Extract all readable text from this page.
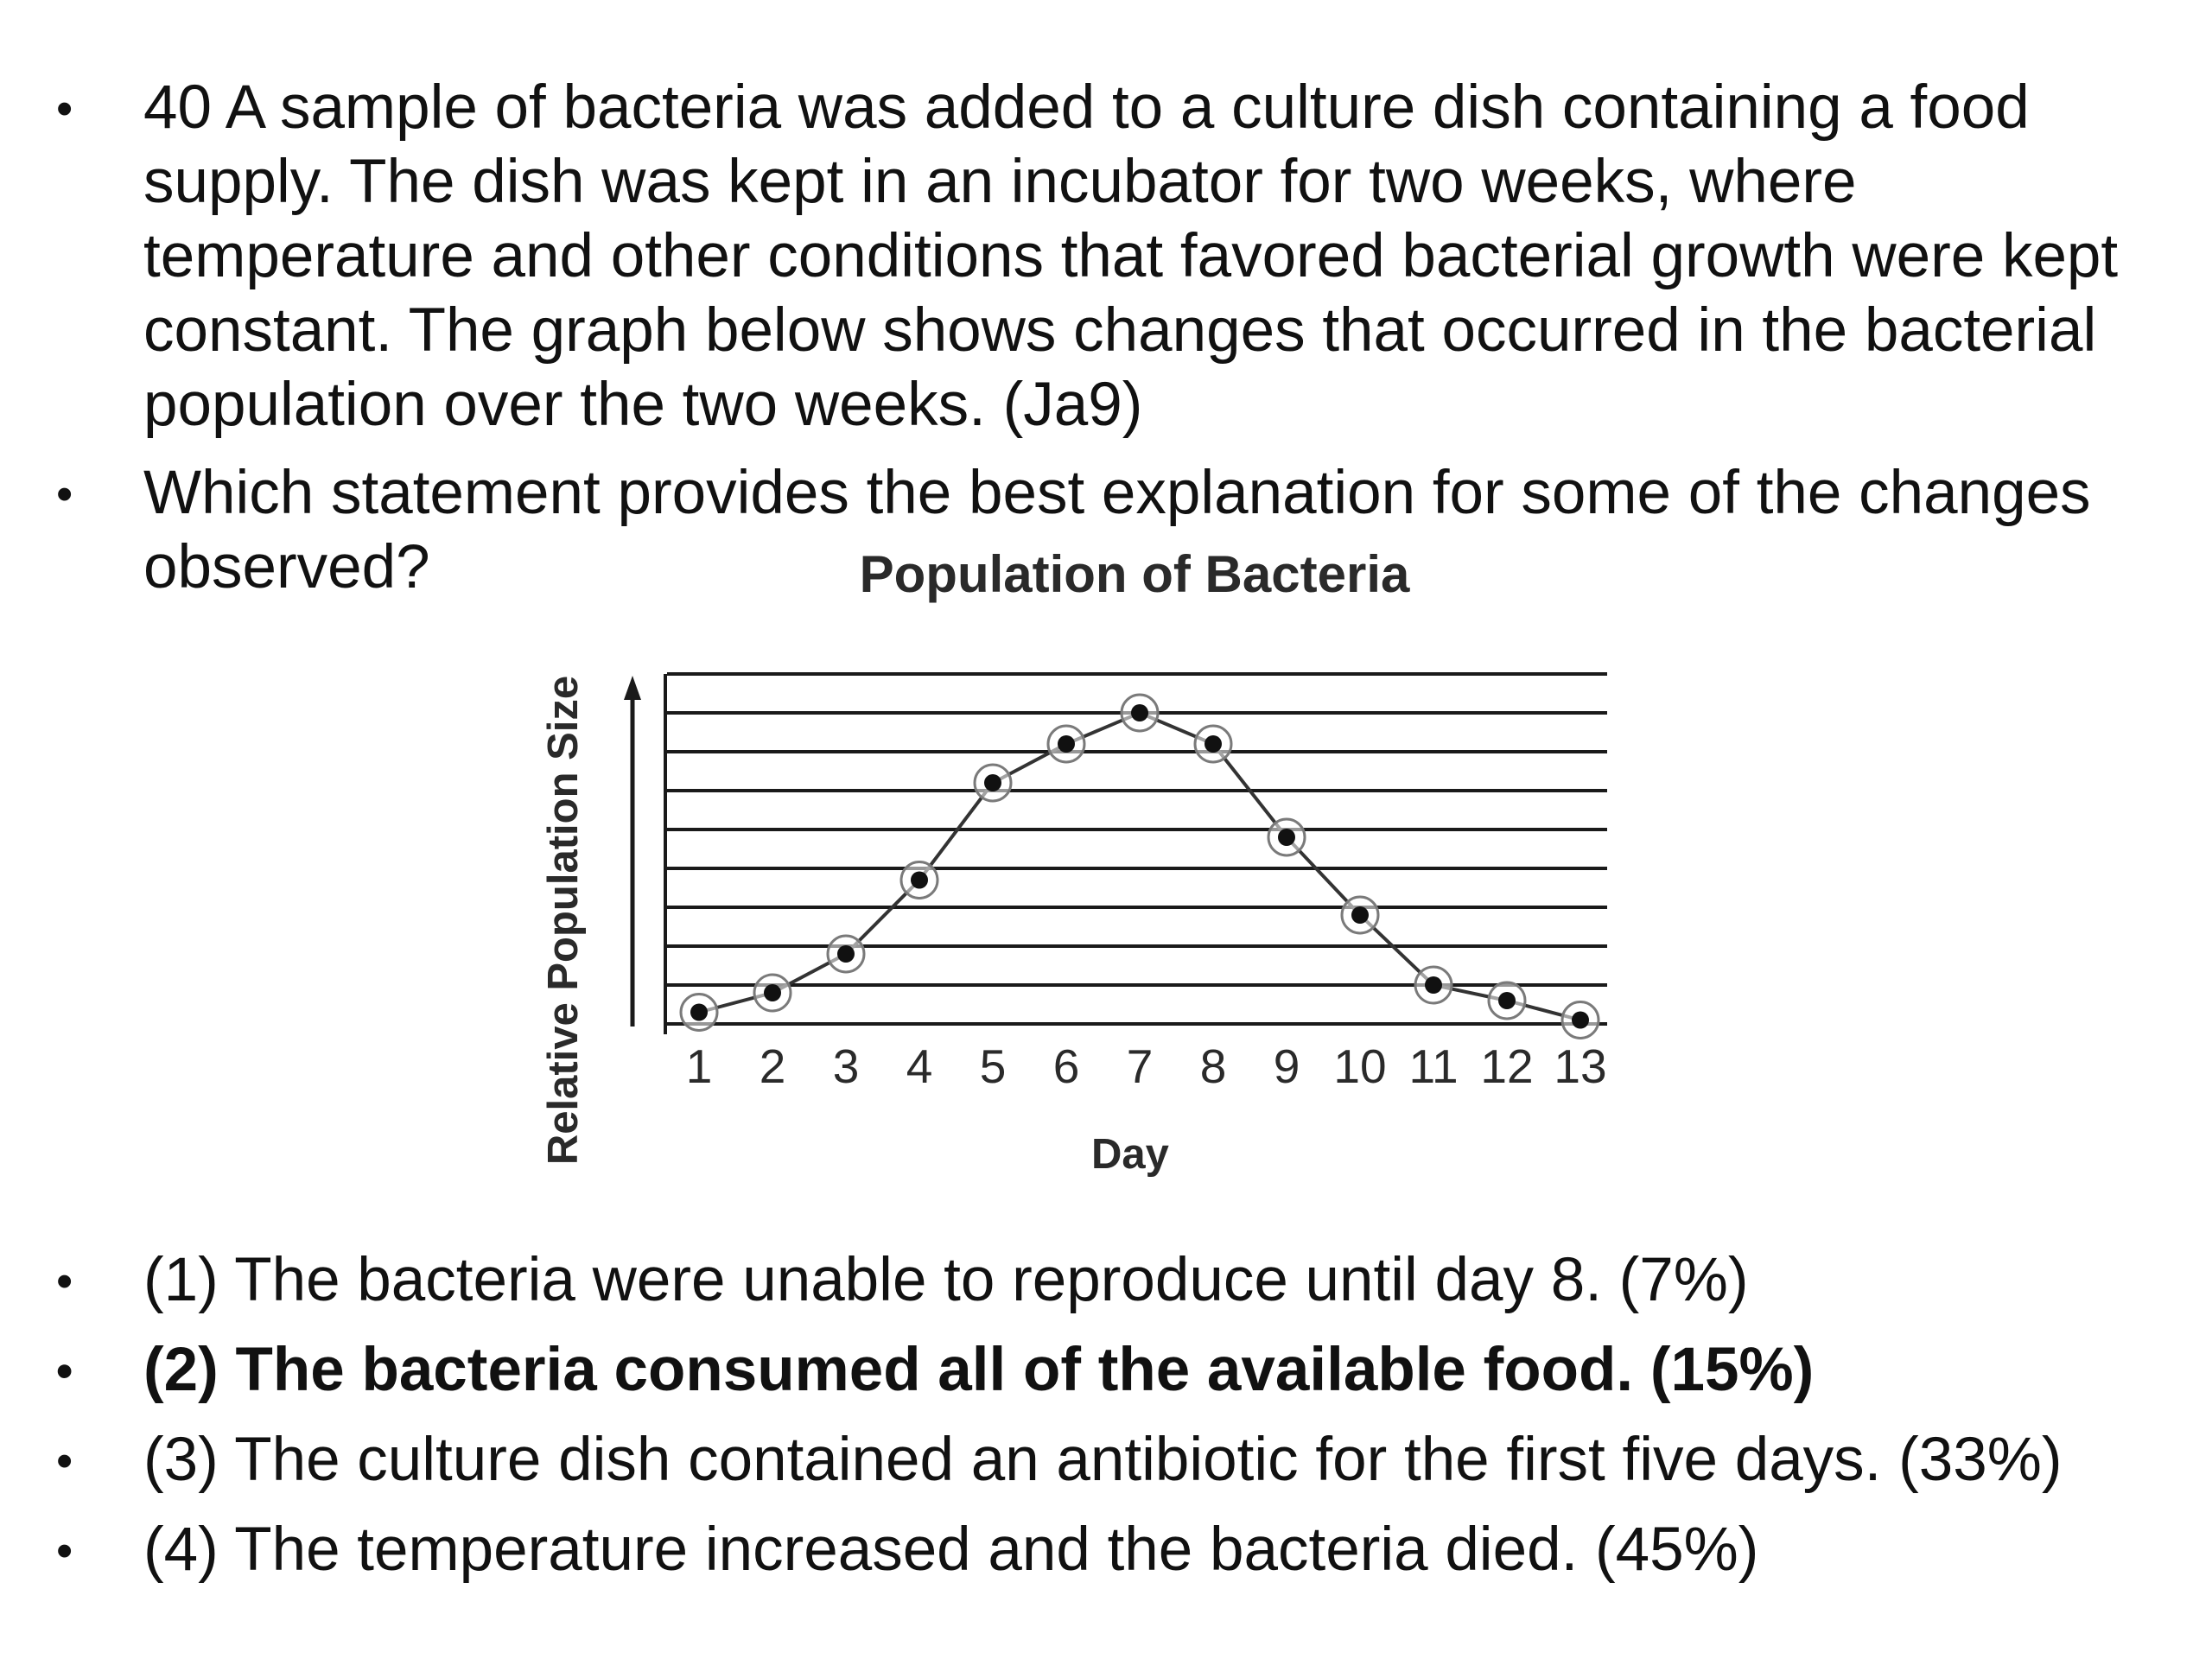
• 40 A sample of bacteria was added to a culture dish containing a food supply. The dish was kept in an incubator for two weeks, where temperature and other conditions that favored bacterial growth were kept constant. The graph below shows changes that occurred in the bacterial population over the two weeks. (Ja9)
• Which statement provides the best explanation for some of the changes observed?	Population of Bacteria
Relative Population Size 1 2 3 4 5 6 7 8 9 10 11 12 13
Day
• (1) The bacteria were unable to reproduce until day 8. (7%)
• (2) The bacteria consumed all of the available food. (15%)
• (3) The culture dish contained an antibiotic for the first five days. (33%)
• (4) The temperature increased and the bacteria died. (45%)
